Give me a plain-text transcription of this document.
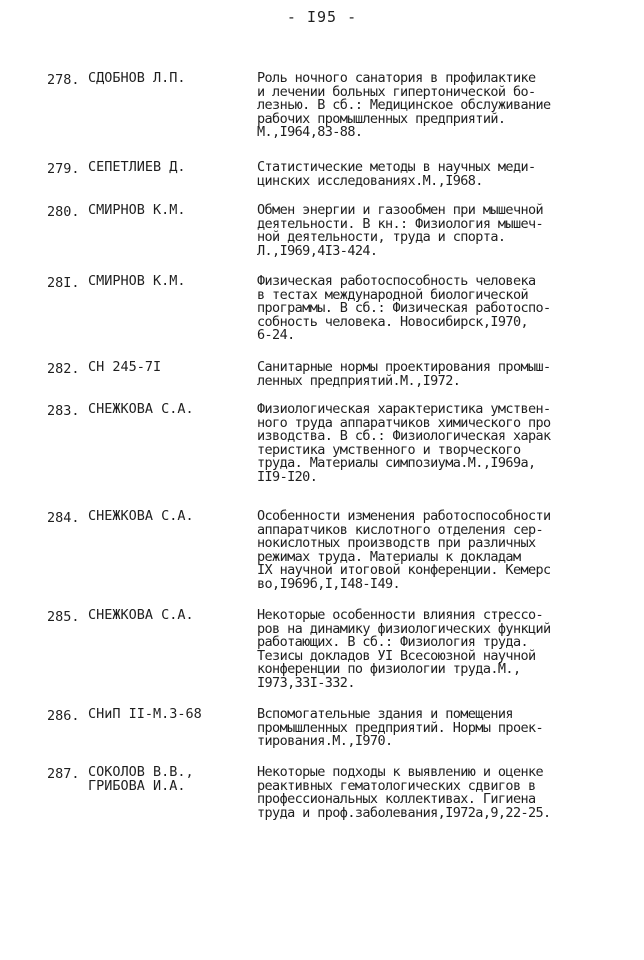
- I95 -
278. СДОБНОВ Л.П.	Роль ночного санатория в профилактике
и лечении больных гипертонической бо-
лезнью. В сб.: Медицинское обслуживание
рабочих промышленных предприятий.
М.,I964,83-88.
279. СЕПЕТЛИЕВ Д.	Статистические методы в научных меди-
цинских исследованиях.М.,I968.
280. СМИРНОВ К.М.	Обмен энергии и газообмен при мышечной
деятельности. В кн.: Физиология мышеч-
ной деятельности, труда и спорта.
Л.,I969,4I3-424.
28I. СМИРНОВ К.М.	Физическая работоспособность человека
в тестах международной биологической
программы. В сб.: Физическая работоспо-
собность человека. Новосибирск,I970,
6-24.
282. СН 245-7I	Санитарные нормы проектирования промыш-
ленных предприятий.М.,I972.
283. СНЕЖКОВА С.А.	Физиологическая характеристика умствен-
ного труда аппаратчиков химического про
изводства. В сб.: Физиологическая харак
теристика умственного и творческого
труда. Материалы симпозиума.М.,I969а,
II9-I20.
284. СНЕЖКОВА С.А.	Особенности изменения работоспособности
аппаратчиков кислотного отделения сер-
нокислотных производств при различных
режимах труда. Материалы к докладам
IX научной итоговой конференции. Кемерс
во,I969б,I,I48-I49.
285. СНЕЖКОВА С.А.	Некоторые особенности влияния стрессо-
ров на динамику физиологических функций
работающих. В сб.: Физиология труда.
Тезисы докладов УI Всесоюзной научной
конференции по физиологии труда.М.,
I973,33I-332.
286. СНиП II-М.3-68	Вспомогательные здания и помещения
промышленных предприятий. Нормы проек-
тирования.М.,I970.
287. СОКОЛОВ В.В.,
ГРИБОВА И.А.
Некоторые подходы к выявлению и оценке
реактивных гематологических сдвигов в
профессиональных коллективах. Гигиена
труда и проф.заболевания,I972а,9,22-25.
